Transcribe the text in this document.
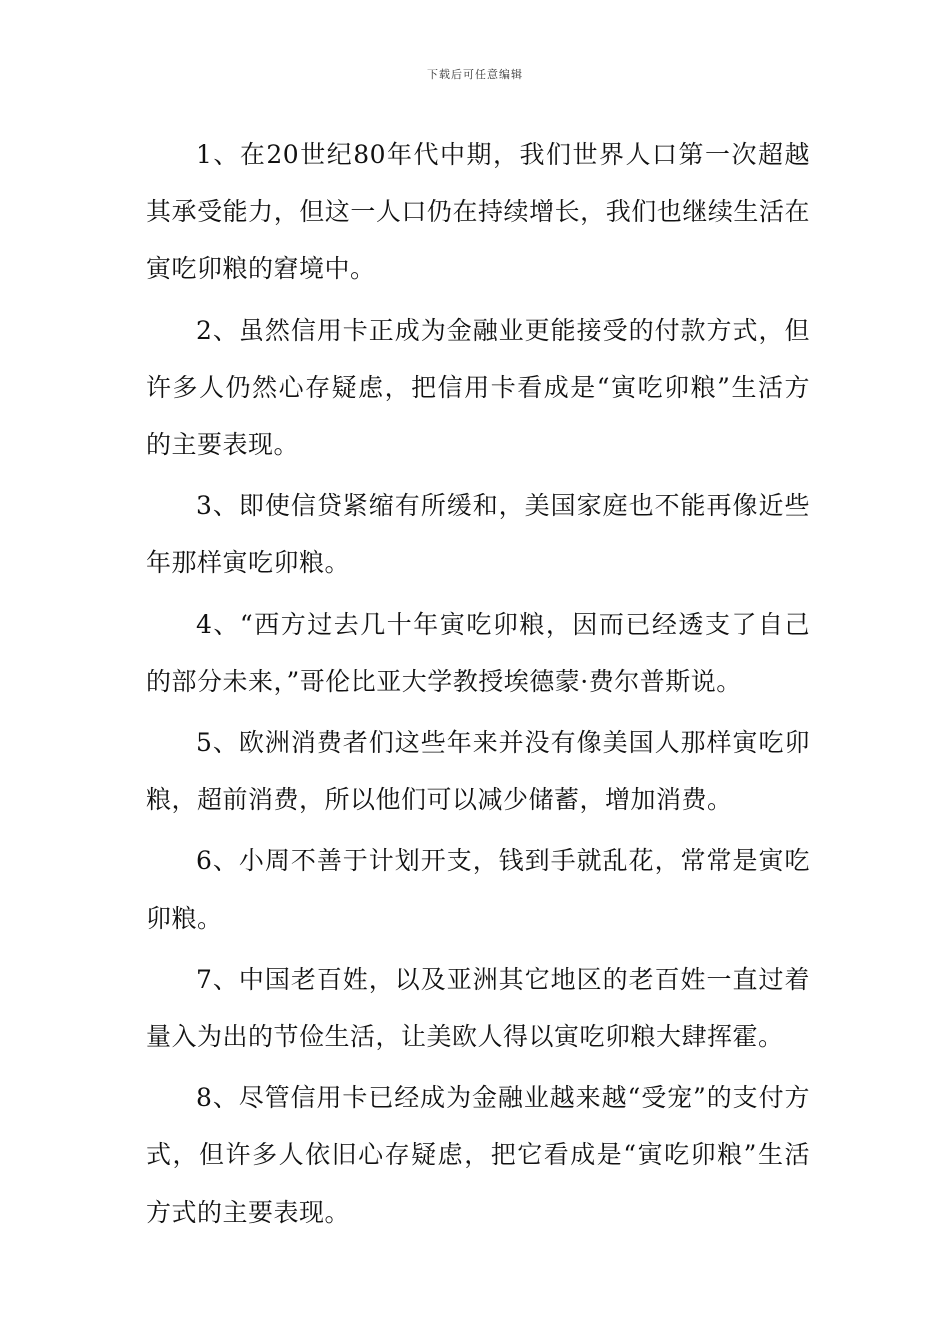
下载后可任意编辑

1、在20世纪80年代中期，我们世界人口第一次超越其承受能力，但这一人口仍在持续增长，我们也继续生活在寅吃卯粮的窘境中。

2、虽然信用卡正成为金融业更能接受的付款方式，但许多人仍然心存疑虑，把信用卡看成是“寅吃卯粮”生活方的主要表现。

3、即使信贷紧缩有所缓和，美国家庭也不能再像近些年那样寅吃卯粮。

4、“西方过去几十年寅吃卯粮，因而已经透支了自己的部分未来，”哥伦比亚大学教授埃德蒙·费尔普斯说。

5、欧洲消费者们这些年来并没有像美国人那样寅吃卯粮，超前消费，所以他们可以减少储蓄，增加消费。

6、小周不善于计划开支，钱到手就乱花，常常是寅吃卯粮。

7、中国老百姓，以及亚洲其它地区的老百姓一直过着量入为出的节俭生活，让美欧人得以寅吃卯粮大肆挥霍。

8、尽管信用卡已经成为金融业越来越“受宠”的支付方式，但许多人依旧心存疑虑，把它看成是“寅吃卯粮”生活方式的主要表现。
